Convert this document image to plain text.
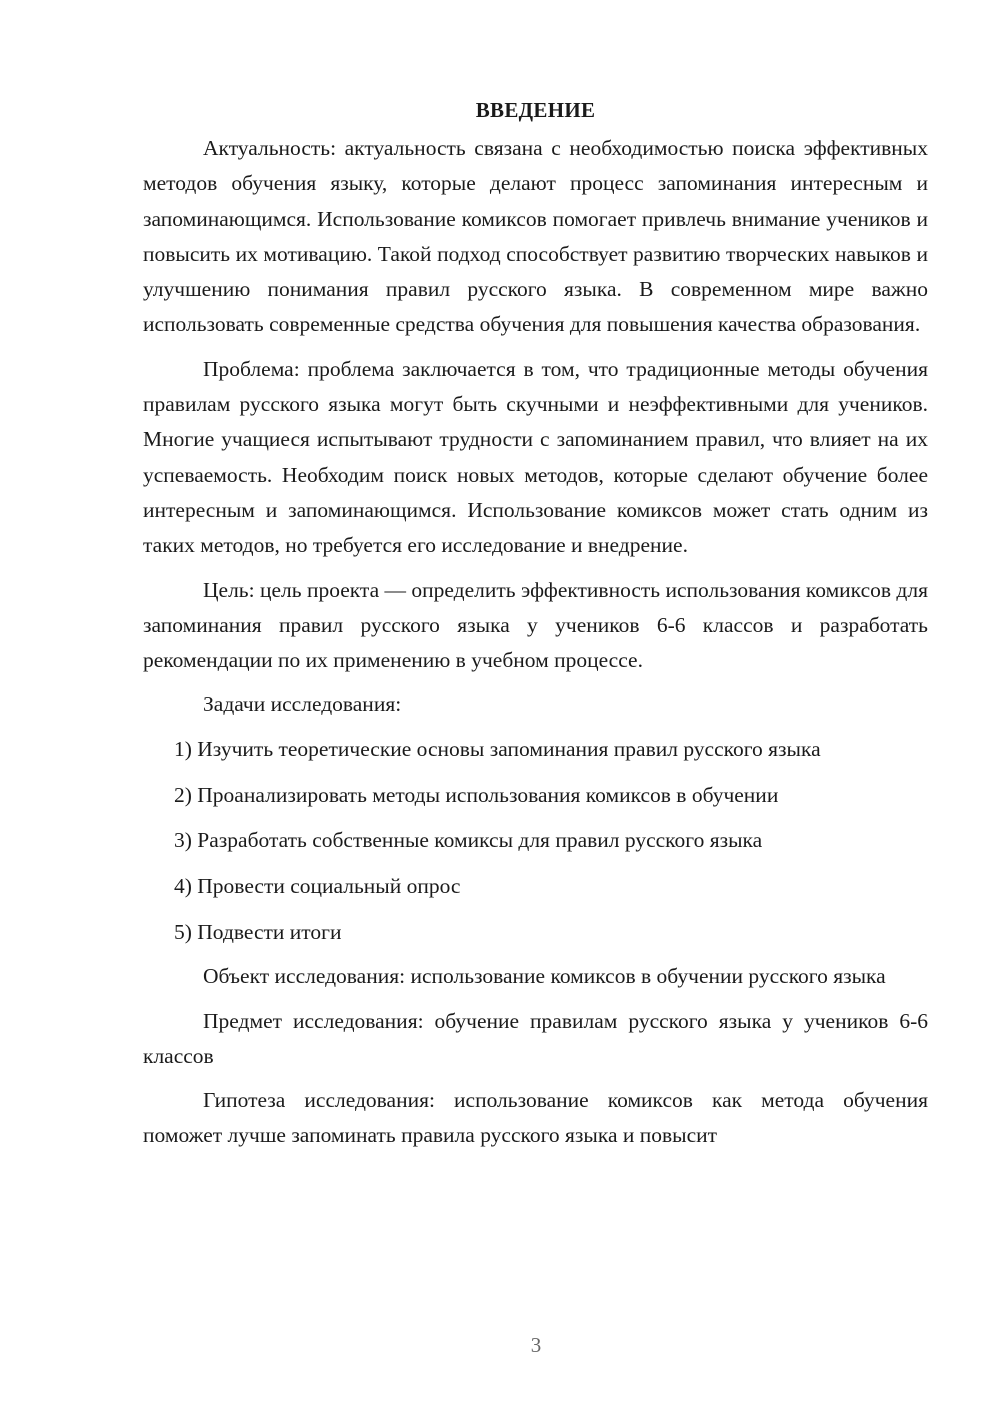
ВВЕДЕНИЕ

Актуальность: актуальность связана с необходимостью поиска эффективных методов обучения языку, которые делают процесс запоминания интересным и запоминающимся. Использование комиксов помогает привлечь внимание учеников и повысить их мотивацию. Такой подход способствует развитию творческих навыков и улучшению понимания правил русского языка. В современном мире важно использовать современные средства обучения для повышения качества образования.

Проблема: проблема заключается в том, что традиционные методы обучения правилам русского языка могут быть скучными и неэффективными для учеников. Многие учащиеся испытывают трудности с запоминанием правил, что влияет на их успеваемость. Необходим поиск новых методов, которые сделают обучение более интересным и запоминающимся. Использование комиксов может стать одним из таких методов, но требуется его исследование и внедрение.

Цель: цель проекта — определить эффективность использования комиксов для запоминания правил русского языка у учеников 6-6 классов и разработать рекомендации по их применению в учебном процессе.

Задачи исследования:

1) Изучить теоретические основы запоминания правил русского языка
2) Проанализировать методы использования комиксов в обучении
3) Разработать собственные комиксы для правил русского языка
4) Провести социальный опрос
5) Подвести итоги

Объект исследования: использование комиксов в обучении русского языка

Предмет исследования: обучение правилам русского языка у учеников 6-6 классов

Гипотеза исследования: использование комиксов как метода обучения поможет лучше запоминать правила русского языка и повысит

3
